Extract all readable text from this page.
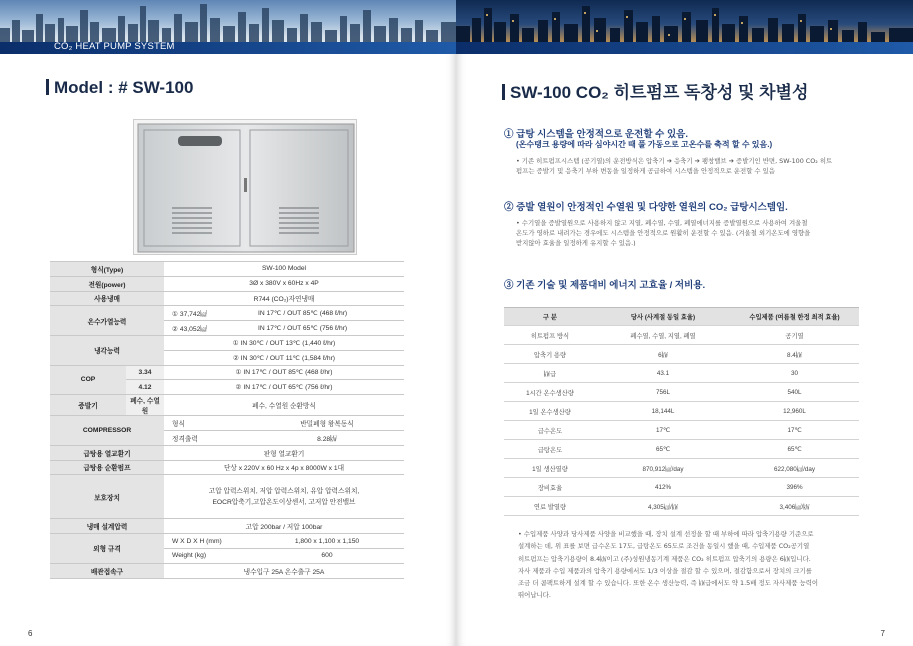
CO₂ HEAT PUMP SYSTEM
Model : # SW-100
형식(Type)		SW-100 Model	
전원(power)		3Ø x 380V x 60Hz x 4P	
사용냉매		R744 (CO₂)자연냉매	
온수가열능력		① 37,742㎉	IN 17℃ / OUT 85℃ (468 ℓ/hr)
		② 43,052㎉	IN 17℃ / OUT 65℃ (756 ℓ/hr)
냉각능력		① IN 30℃ / OUT 13℃ (1,440 ℓ/hr)	
		② IN 30℃ / OUT 11℃ (1,584 ℓ/hr)	
COP	3.34	① IN 17℃ / OUT 85℃ (468 ℓ/hr)	
	4.12	② IN 17℃ / OUT 65℃ (756 ℓ/hr)	
증발기	폐수, 수열원	폐수, 수열원 순환방식	
COMPRESSOR		형식	반밀폐형 왕복동식
		정격출력	8.28㎾
급탕용 열교환기		판형 열교환기	
급탕용 순환펌프		단상 x 220V x 60 Hz x 4p x 8000W x 1대	
보호장치		고압 압력스위치, 저압 압력스위치, 유압 압력스위치,
EOCR압축기,고압온도이상센서, 고저압 안전밸브	
냉매 설계압력		고압 200bar / 저압 100bar	
외형 규격		W X D X H (mm)	1,800 x 1,100 x 1,150
		Weight (kg)	600
배관접속구		냉수입구 25A 온수출구 25A	
6
SW-100 CO₂ 히트펌프 독창성 및 차별성
① 급탕 시스템을 안정적으로 운전할 수 있음.
(온수탱크 용량에 따라 심야시간 때 풀 가동으로 고온수를 축적 할 수 있음.)
• 기존 히트펌프시스템 (공기열)의 운전방식은 압축기 ➔ 응축기 ➔ 팽창밸브 ➔ 증발기인 반면, SW-100 CO₂ 히트
펌프는 증발기 및 응축기 부하 변동을 일정하게 공급하여 시스템을 안정적으로 운전할 수 있음
② 증발 열원이 안정적인 수열원 및 다양한 열원의 CO₂ 급탕시스템임.
• 수기열을 증발열원으로 사용하지 않고 지열, 폐수열, 수열, 폐열에너지를 증발열원으로 사용하여 겨울철
온도가 영하로 내려가는 경우에도 시스템을 안정적으로 원활히 운전할 수 있음. (겨울철 외기온도에 영향을
받지않아 효율을 일정하게 유지할 수 있음.)
③ 기존 기술 및 제품대비 에너지 고효율 / 저비용.
구 분	당사 (사계절 동일 효율)	수입제품 (여름철 한정 최적 효율)
히트펌프 방식	폐수열, 수열, 지열, 폐열	공기열
압축기 용량	6㎾	8.4㎾
㎾급	43.1	30
1시간 온수생산량	756L	540L
1일 온수생산량	18,144L	12,960L
급수온도	17℃	17℃
급탕온도	65℃	65℃
1일 생산열량	870,912㎉/day	622,080㎉/day
장비효율	412%	396%
연료 발열량	4,305㎉/㎾	3,406㎉/㎾
• 수입제품 사양과 당사제품 사양을 비교했을 때, 장치 설계 선정을 할 때 부하에 따라 압축기용량 기준으로
설계하는 데, 위 표를 보면 급수온도 17도, 급탕온도 65도로 조건을 동일시 했을 때, 수입제품 CO₂공기열
히트펌프는 압축기용량이 8.4㎾이고 (주)성원냉동기계 제품은 CO₂ 히트펌프 압축기의 용량은 6㎾입니다.
자사 제품과 수입 제품과의 압축기 용량에서도 1/3 이상을 절감 할 수 있으며, 절감함으로서 장치의 크기를
조금 더 콤팩트하게 설계 할 수 있습니다. 또한 온수 생산능력, 즉 ㎾급에서도 약 1.5배 정도 자사제품 능력이
뛰어납니다.
7
